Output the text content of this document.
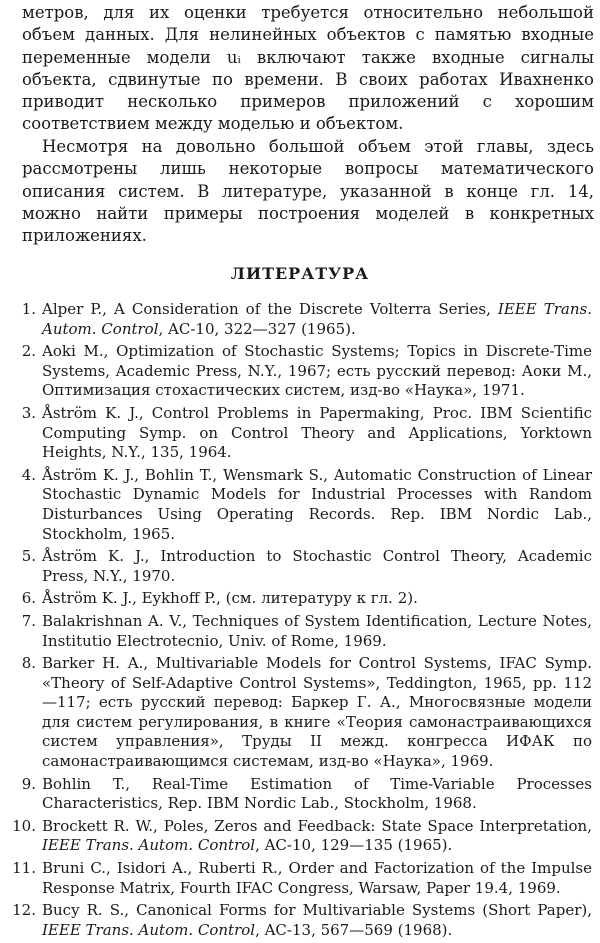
метров, для их оценки требуется относительно небольшой объем данных. Для нелинейных объектов с памятью входные переменные модели uᵢ включают также входные сигналы объекта, сдвинутые по времени. В своих работах Ивахненко приводит несколько примеров приложений с хорошим соответствием между моделью и объектом.

Несмотря на довольно большой объем этой главы, здесь рассмотрены лишь некоторые вопросы математического описания систем. В литературе, указанной в конце гл. 14, можно найти примеры построения моделей в конкретных приложениях.

ЛИТЕРАТУРА
1. Alper P., A Consideration of the Discrete Volterra Series, IEEE Trans. Autom. Control, AC-10, 322—327 (1965).
2. Aoki M., Optimization of Stochastic Systems; Topics in Discrete-Time Systems, Academic Press, N.Y., 1967; есть русский перевод: Аоки М., Оптимизация стохастических систем, изд-во «Наука», 1971.
3. Åström K. J., Control Problems in Papermaking, Proc. IBM Scientific Computing Symp. on Control Theory and Applications, Yorktown Heights, N.Y., 135, 1964.
4. Åström K. J., Bohlin T., Wensmark S., Automatic Construction of Linear Stochastic Dynamic Models for Industrial Processes with Random Disturbances Using Operating Records. Rep. IBM Nordic Lab., Stockholm, 1965.
5. Åström K. J., Introduction to Stochastic Control Theory, Academic Press, N.Y., 1970.
6. Åström K. J., Eykhoff P., (см. литературу к гл. 2).
7. Balakrishnan A. V., Techniques of System Identification, Lecture Notes, Institutio Electrotecnio, Univ. of Rome, 1969.
8. Barker H. A., Multivariable Models for Control Systems, IFAC Symp. «Theory of Self-Adaptive Control Systems», Teddington, 1965, pp. 112—117; есть русский перевод: Баркер Г. А., Многосвязные модели для систем регулирования, в книге «Теория самонастраивающихся систем управления», Труды II межд. конгресса ИФАК по самонастраивающимся системам, изд-во «Наука», 1969.
9. Bohlin T., Real-Time Estimation of Time-Variable Processes Characteristics, Rep. IBM Nordic Lab., Stockholm, 1968.
10. Brockett R. W., Poles, Zeros and Feedback: State Space Interpretation, IEEE Trans. Autom. Control, AC-10, 129—135 (1965).
11. Bruni C., Isidori A., Ruberti R., Order and Factorization of the Impulse Response Matrix, Fourth IFAC Congress, Warsaw, Paper 19.4, 1969.
12. Bucy R. S., Canonical Forms for Multivariable Systems (Short Paper), IEEE Trans. Autom. Control, AC-13, 567—569 (1968).
